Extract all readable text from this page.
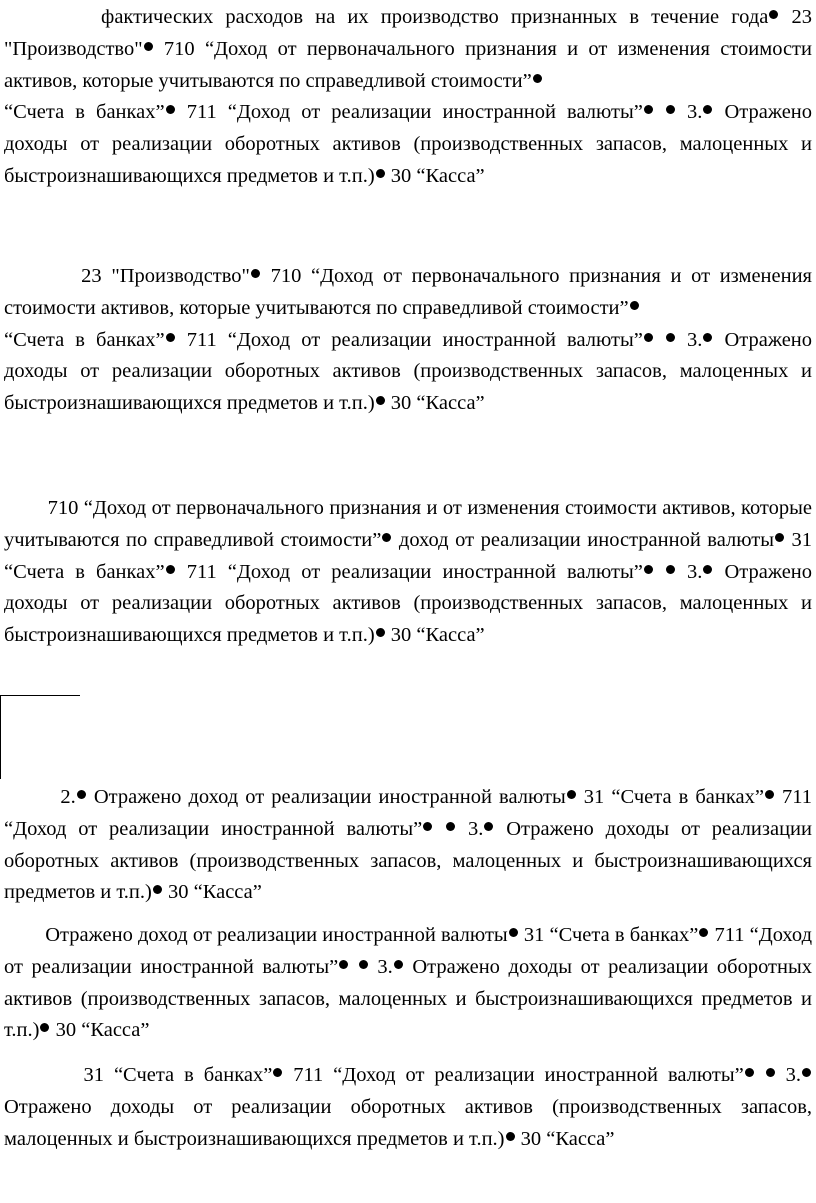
фактических расходов на их производство признанных в течение года 23 "Производство" 710 “Доход от первоначального признания и от изменения стоимости активов, которые учитываются по справедливой стоимости”
“Счета в банках” 711 “Доход от реализации иностранной валюты”  3. Отражено доходы от реализации оборотных активов (производственных запасов, малоценных и быстроизнашивающихся предметов и т.п.) 30 “Касса”

23 "Производство" 710 “Доход от первоначального признания и от изменения стоимости активов, которые учитываются по справедливой стоимости”
“Счета в банках” 711 “Доход от реализации иностранной валюты”  3. Отражено доходы от реализации оборотных активов (производственных запасов, малоценных и быстроизнашивающихся предметов и т.п.) 30 “Касса”

710 “Доход от первоначального признания и от изменения стоимости активов, которые учитываются по справедливой стоимости” доход от реализации иностранной валюты 31 “Счета в банках” 711 “Доход от реализации иностранной валюты”  3. Отражено доходы от реализации оборотных активов (производственных запасов, малоценных и быстроизнашивающихся предметов и т.п.) 30 “Касса”

2. Отражено доход от реализации иностранной валюты 31 “Счета в банках” 711 “Доход от реализации иностранной валюты”  3. Отражено доходы от реализации оборотных активов (производственных запасов, малоценных и быстроизнашивающихся предметов и т.п.) 30 “Касса”

Отражено доход от реализации иностранной валюты 31 “Счета в банках” 711 “Доход от реализации иностранной валюты”  3. Отражено доходы от реализации оборотных активов (производственных запасов, малоценных и быстроизнашивающихся предметов и т.п.) 30 “Касса”

31 “Счета в банках” 711 “Доход от реализации иностранной валюты”  3. Отражено доходы от реализации оборотных активов (производственных запасов, малоценных и быстроизнашивающихся предметов и т.п.) 30 “Касса”
